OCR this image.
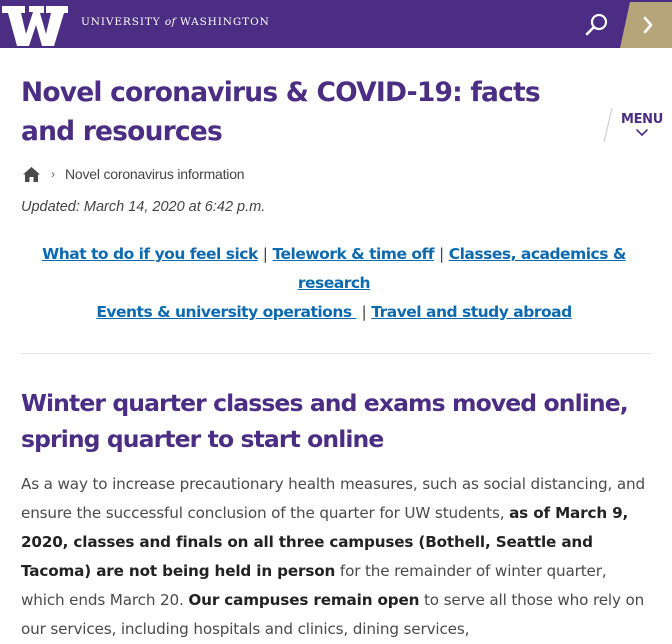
UNIVERSITY of WASHINGTON
Novel coronavirus & COVID-19: facts and resources	MENU
› Novel coronavirus information
Updated: March 14, 2020 at 6:42 p.m.
What to do if you feel sick | Telework & time off | Classes, academics & research
Events & university operations | Travel and study abroad
Winter quarter classes and exams moved online, spring quarter to start online

As a way to increase precautionary health measures, such as social distancing, and ensure the successful conclusion of the quarter for UW students, as of March 9, 2020, classes and finals on all three campuses (Bothell, Seattle and Tacoma) are not being held in person for the remainder of winter quarter, which ends March 20. Our campuses remain open to serve all those who rely on our services, including hospitals and clinics, dining services,
